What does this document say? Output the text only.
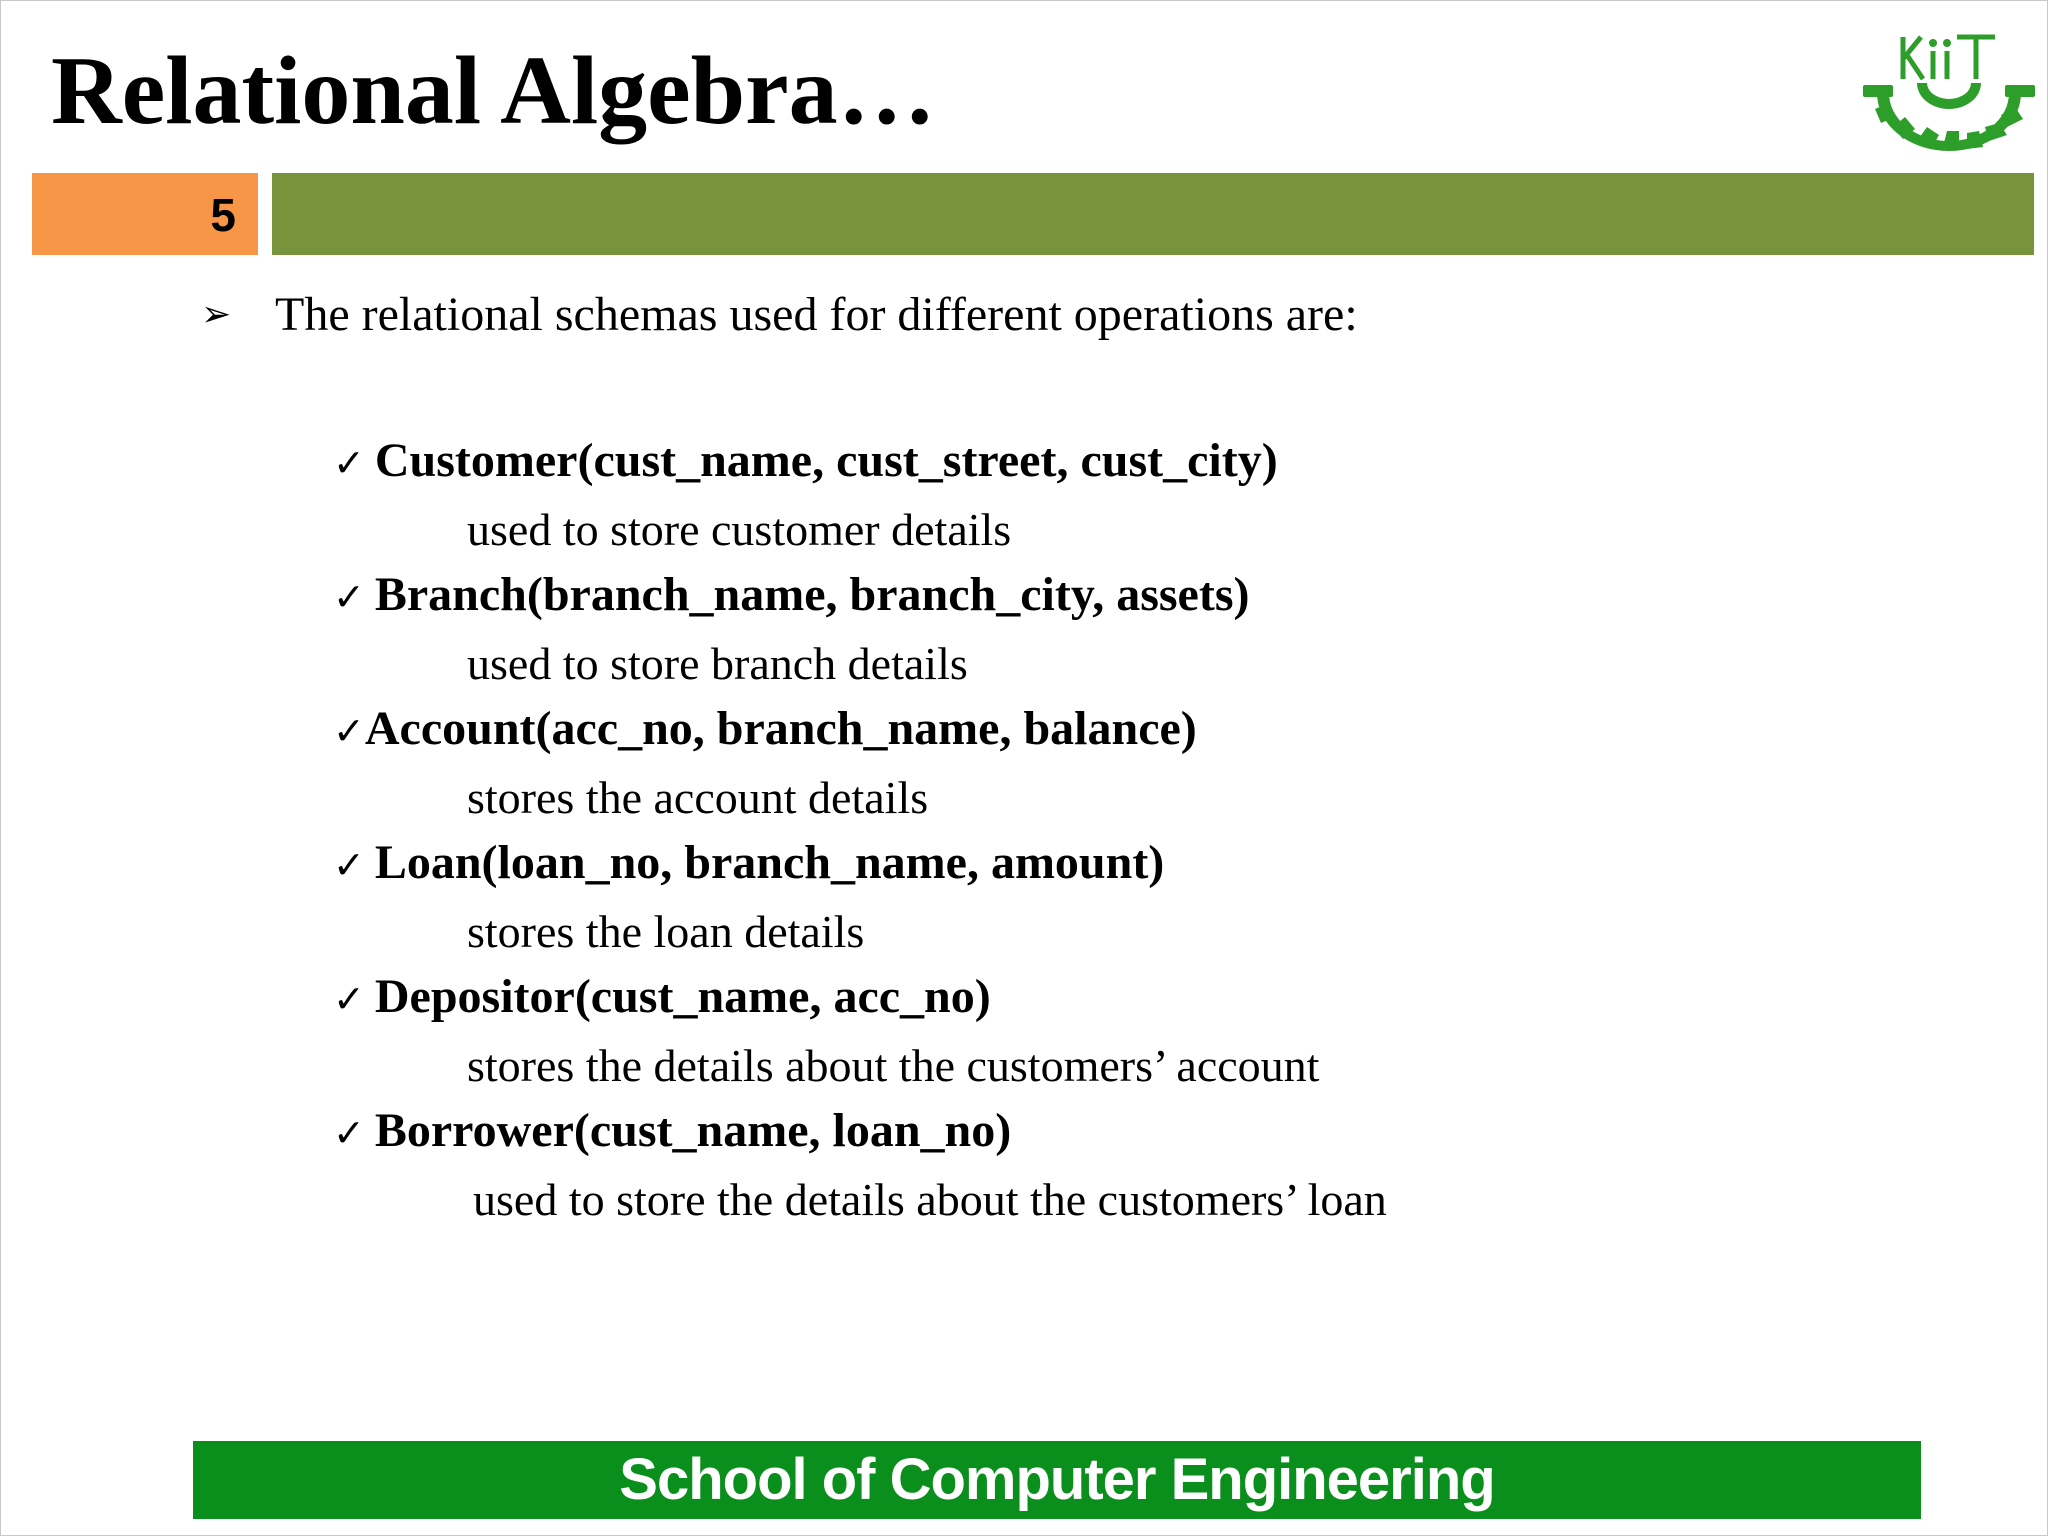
Relational Algebra…
5
➢ The relational schemas used for different operations are:
✓ Customer(cust_name, cust_street, cust_city)
used to store customer details
✓ Branch(branch_name, branch_city, assets)
used to store branch details
✓Account(acc_no, branch_name, balance)
stores the account details
✓ Loan(loan_no, branch_name, amount)
stores the loan details
✓ Depositor(cust_name, acc_no)
stores the details about the customers’ account
✓ Borrower(cust_name, loan_no)
used to store the details about the customers’ loan
School of Computer Engineering
